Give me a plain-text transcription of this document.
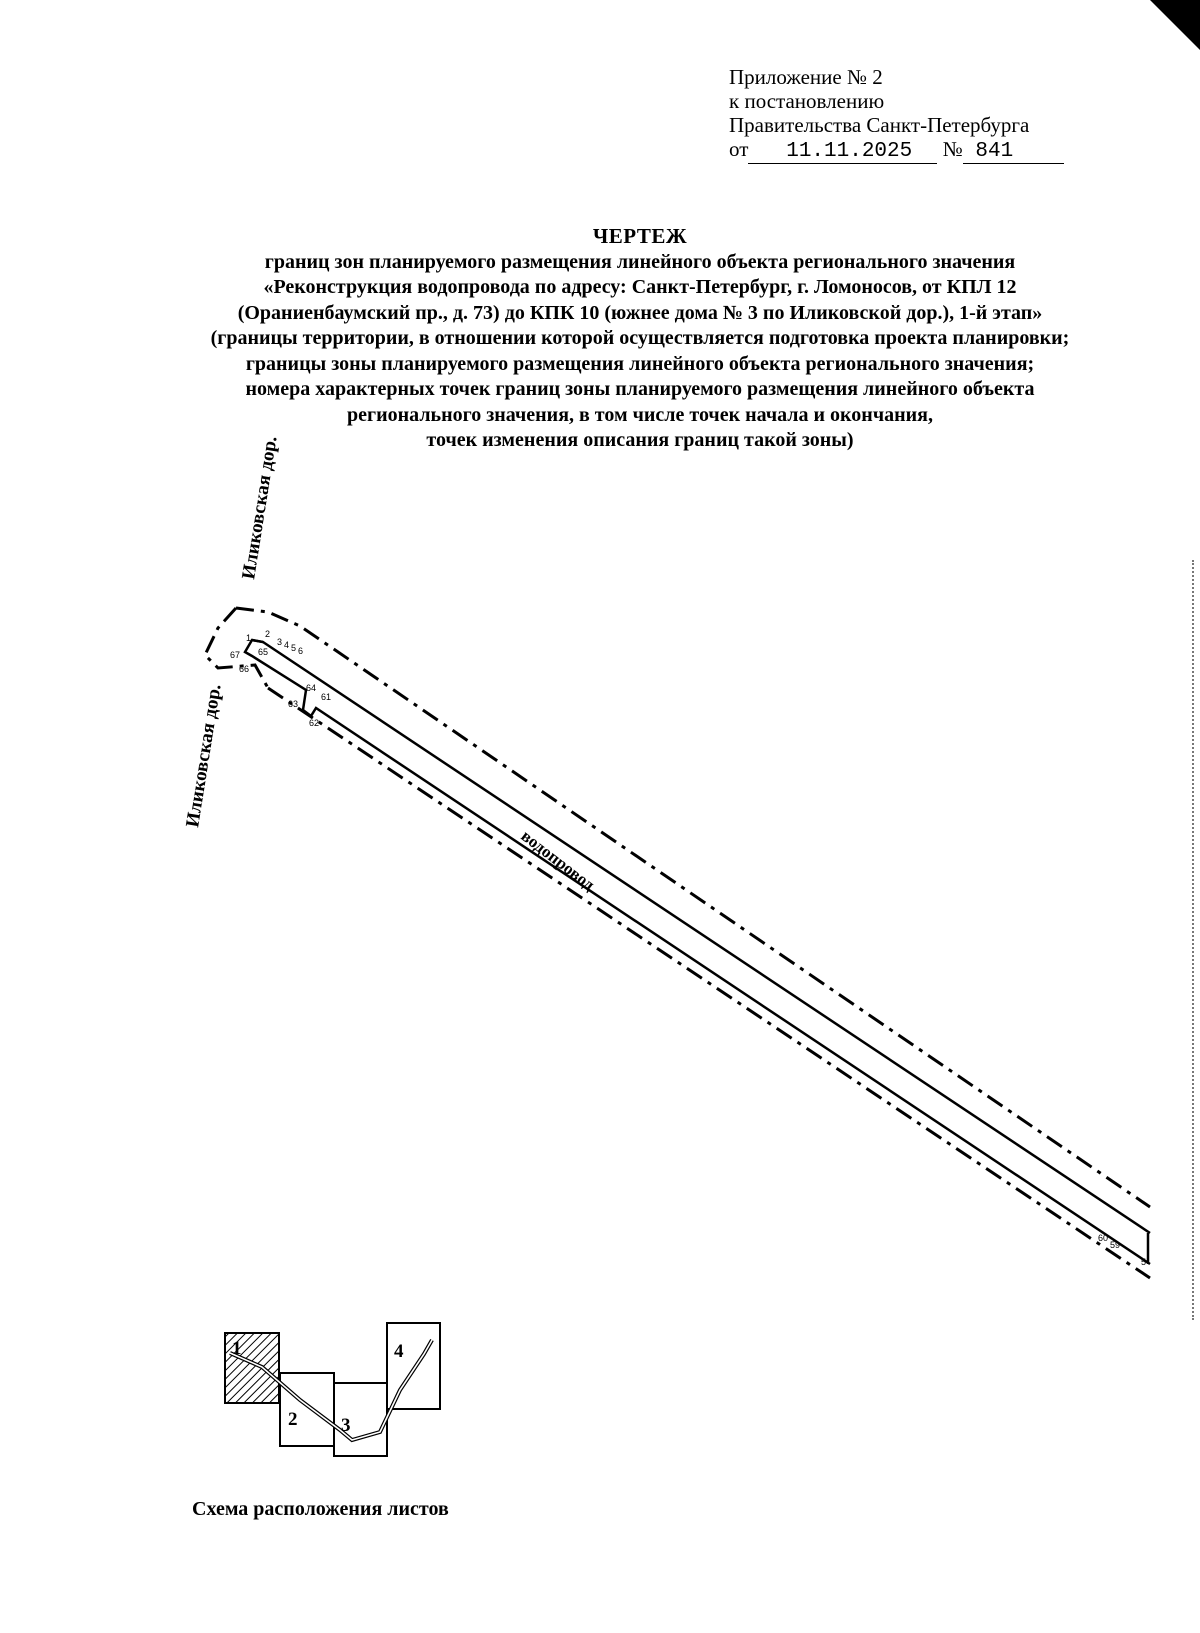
Приложение № 2
к постановлению
Правительства Санкт-Петербурга
от 11.11.2025 № 841
ЧЕРТЕЖ
границ зон планируемого размещения линейного объекта регионального значения
«Реконструкция водопровода по адресу: Санкт-Петербург, г. Ломоносов, от КПЛ 12
(Ораниенбаумский пр., д. 73) до КПК 10 (южнее дома № 3 по Иликовской дор.), 1-й этап»
(границы территории, в отношении которой осуществляется подготовка проекта планировки;
границы зоны планируемого размещения линейного объекта регионального значения;
номера характерных точек границ зоны планируемого размещения линейного объекта
регионального значения, в том числе точек начала и окончания,
точек изменения описания границ такой зоны)
Иликовская дор.
Иликовская дор.
водопровод
1 2
3 4 5 6
67 65
66
64
61
63
62
60
59
5
1
2 3
4
Схема расположения листов
